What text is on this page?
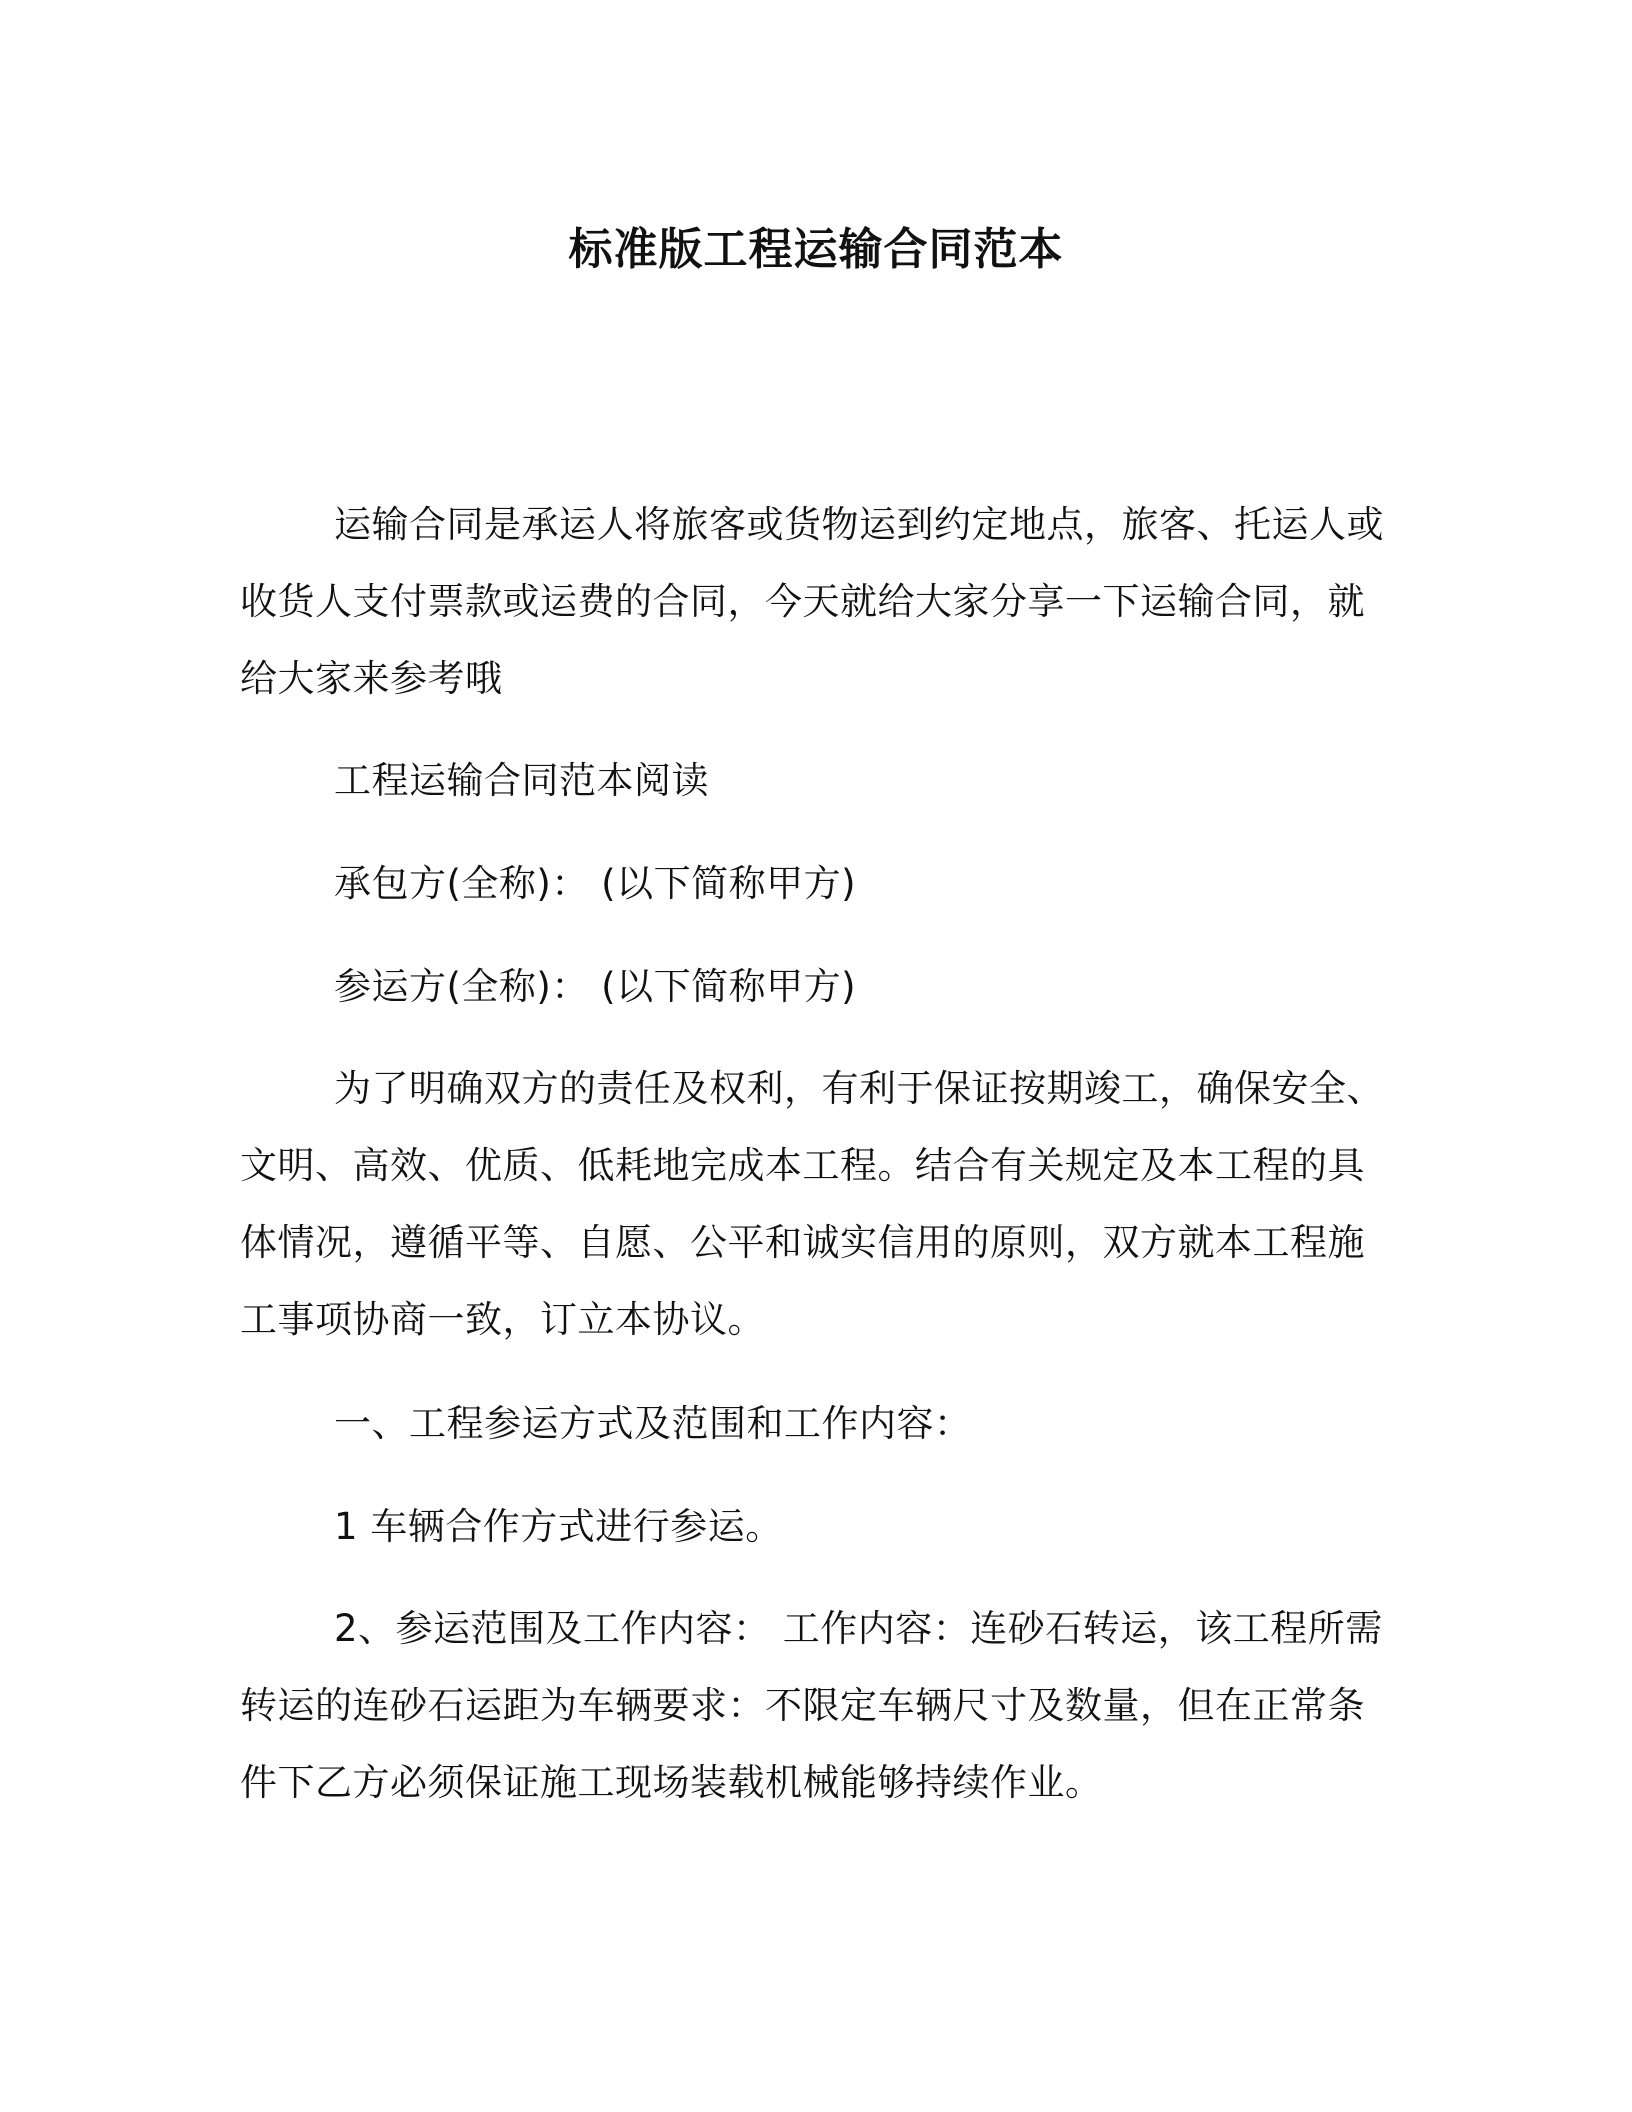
标准版工程运输合同范本

运输合同是承运人将旅客或货物运到约定地点，旅客、托运人或收货人支付票款或运费的合同，今天就给大家分享一下运输合同，就给大家来参考哦

工程运输合同范本阅读

承包方(全称)： (以下简称甲方)

参运方(全称)： (以下简称甲方)

为了明确双方的责任及权利，有利于保证按期竣工，确保安全、文明、高效、优质、低耗地完成本工程。结合有关规定及本工程的具体情况，遵循平等、自愿、公平和诚实信用的原则，双方就本工程施工事项协商一致，订立本协议。

一、工程参运方式及范围和工作内容：

1 车辆合作方式进行参运。

2、参运范围及工作内容： 工作内容：连砂石转运，该工程所需转运的连砂石运距为车辆要求：不限定车辆尺寸及数量，但在正常条件下乙方必须保证施工现场装载机械能够持续作业。
